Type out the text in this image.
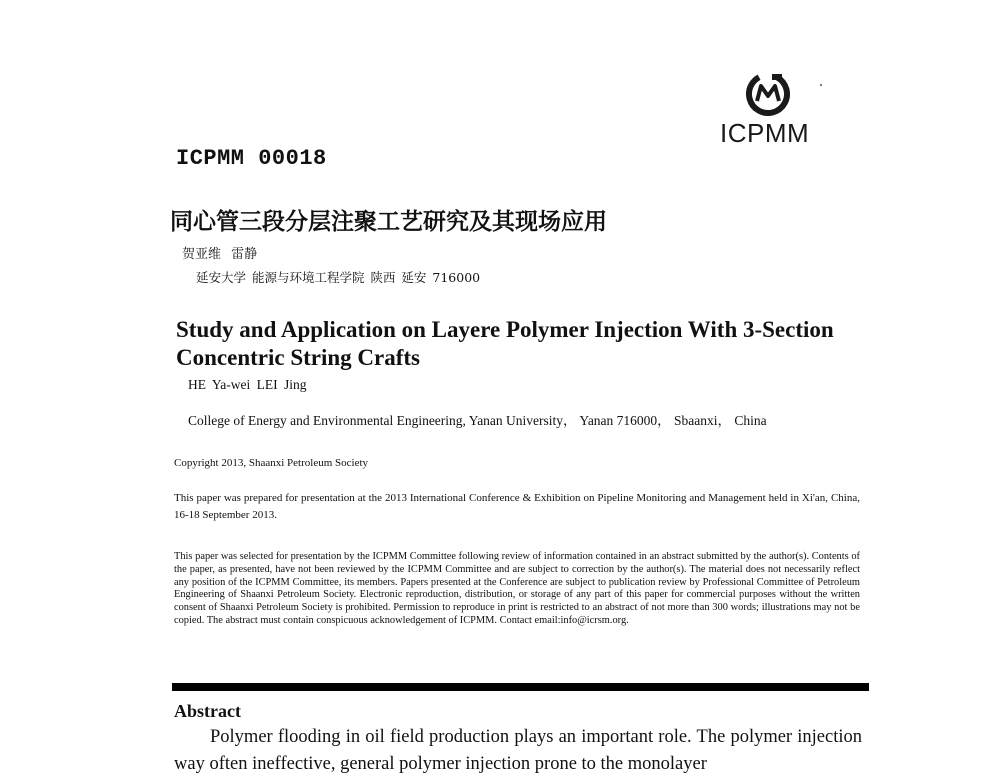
ICPMM
ICPMM 00018
同心管三段分层注聚工艺研究及其现场应用
贺亚维 雷静
延安大学 能源与环境工程学院 陕西 延安 716000
Study and Application on Layere Polymer Injection With 3-Section Concentric String Crafts
HE Ya-wei LEI Jing
College of Energy and Environmental Engineering, Yanan University， Yanan 716000， Sbaanxi， China
Copyright 2013, Shaanxi Petroleum Society
This paper was prepared for presentation at the 2013 International Conference & Exhibition on Pipeline Monitoring and Management held in Xi'an, China, 16-18 September 2013.
This paper was selected for presentation by the ICPMM Committee following review of information contained in an abstract submitted by the author(s). Contents of the paper, as presented, have not been reviewed by the ICPMM Committee and are subject to correction by the author(s). The material does not necessarily reflect any position of the ICPMM Committee, its members. Papers presented at the Conference are subject to publication review by Professional Committee of Petroleum Engineering of Shaanxi Petroleum Society. Electronic reproduction, distribution, or storage of any part of this paper for commercial purposes without the written consent of Shaanxi Petroleum Society is prohibited. Permission to reproduce in print is restricted to an abstract of not more than 300 words; illustrations may not be copied. The abstract must contain conspicuous acknowledgement of ICPMM. Contact email:info@icrsm.org.
Abstract
Polymer flooding in oil field production plays an important role. The polymer injection way often ineffective, general polymer injection prone to the monolayer
